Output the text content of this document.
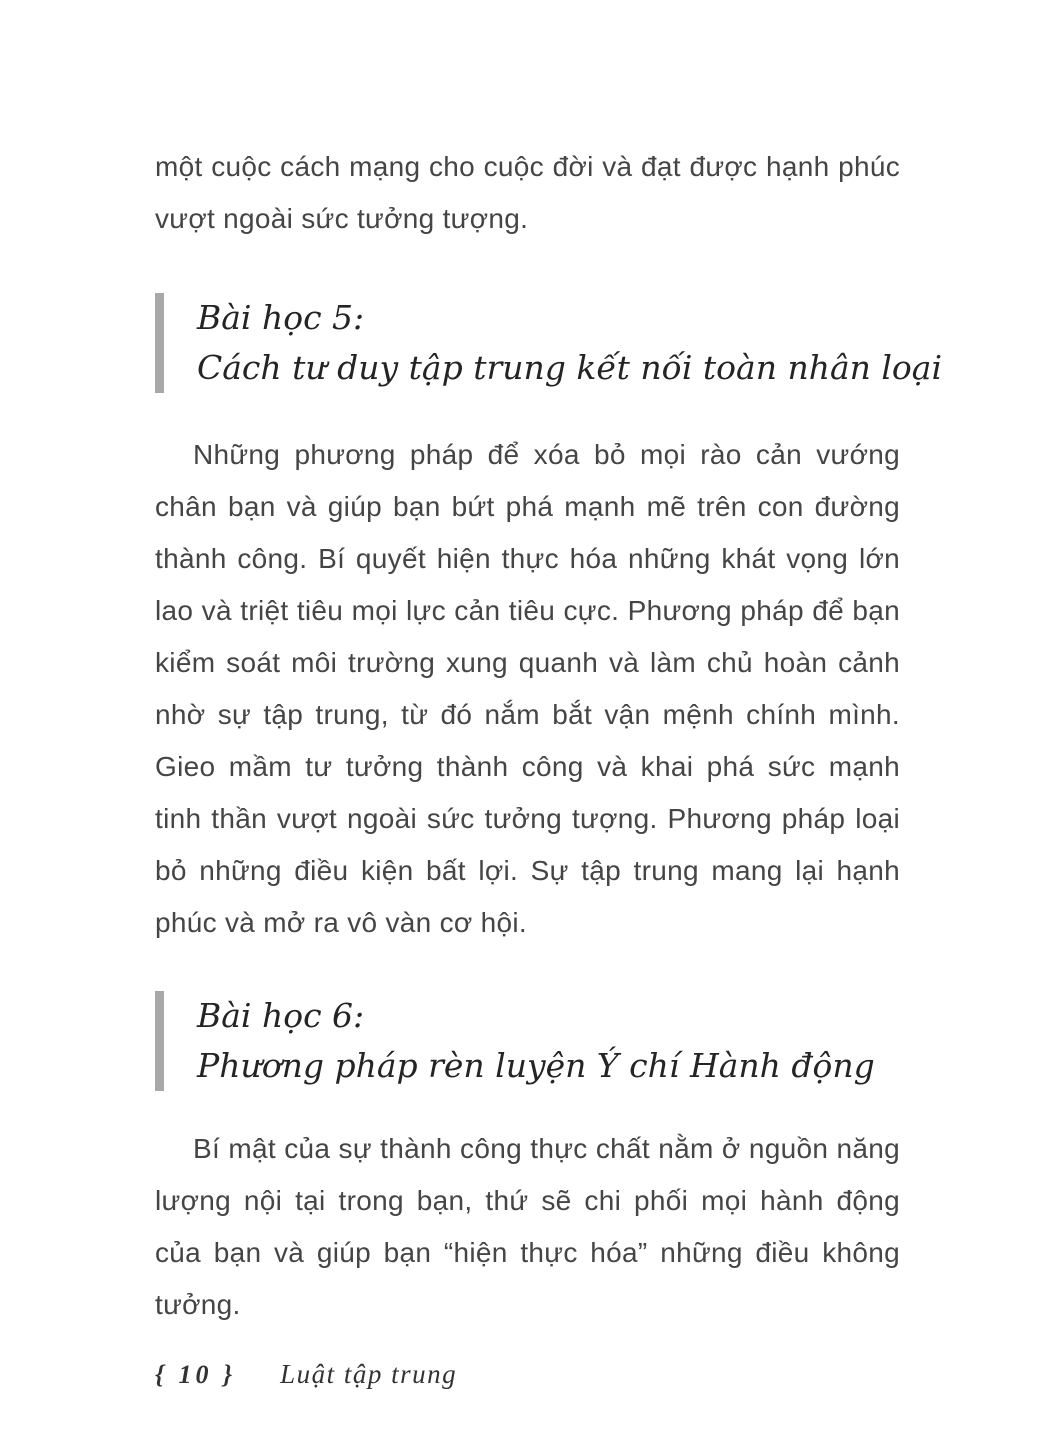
một cuộc cách mạng cho cuộc đời và đạt được hạnh phúc vượt ngoài sức tưởng tượng.

Bài học 5:
Cách tư duy tập trung kết nối toàn nhân loại

Những phương pháp để xóa bỏ mọi rào cản vướng chân bạn và giúp bạn bứt phá mạnh mẽ trên con đường thành công. Bí quyết hiện thực hóa những khát vọng lớn lao và triệt tiêu mọi lực cản tiêu cực. Phương pháp để bạn kiểm soát môi trường xung quanh và làm chủ hoàn cảnh nhờ sự tập trung, từ đó nắm bắt vận mệnh chính mình. Gieo mầm tư tưởng thành công và khai phá sức mạnh tinh thần vượt ngoài sức tưởng tượng. Phương pháp loại bỏ những điều kiện bất lợi. Sự tập trung mang lại hạnh phúc và mở ra vô vàn cơ hội.

Bài học 6:
Phương pháp rèn luyện Ý chí Hành động

Bí mật của sự thành công thực chất nằm ở nguồn năng lượng nội tại trong bạn, thứ sẽ chi phối mọi hành động của bạn và giúp bạn “hiện thực hóa” những điều không tưởng.

{ 10 } Luật tập trung
